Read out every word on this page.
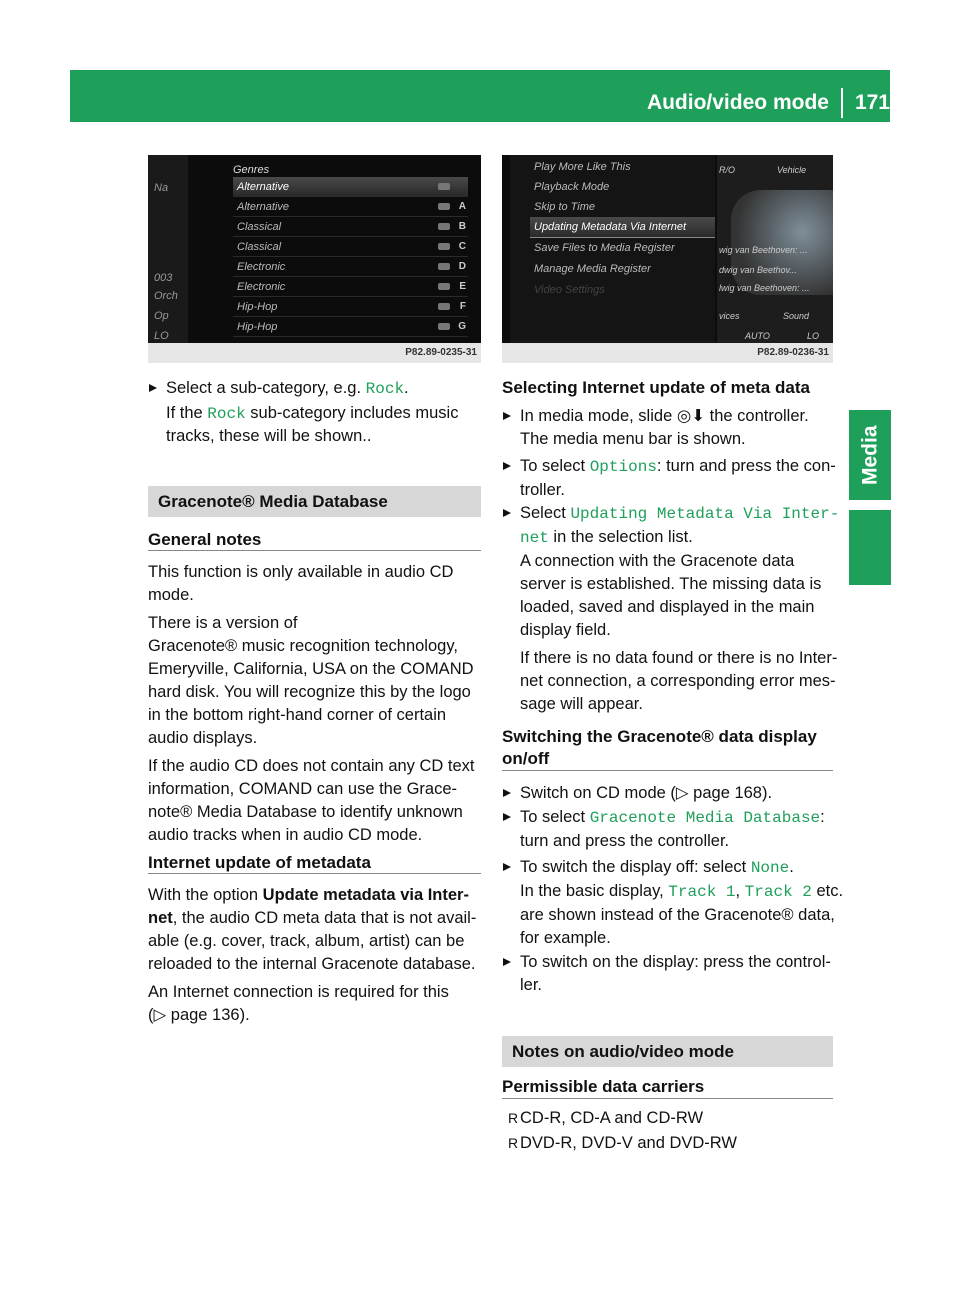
Audio/video mode 171
Media
Na
003
Orch
Op
LO
Genres
Alternative
Alternative	A
Classical	B
Classical	C
Electronic	D
Electronic	E
Hip-Hop	F
Hip-Hop	G
P82.89-0235-31
Play More Like This
Playback Mode
Skip to Time
Updating Metadata Via Internet
Save Files to Media Register
Manage Media Register
Video Settings
R/O	Vehicle
wig van Beethoven: ...
dwig van Beethov...
lwig van Beethoven: ...
vices	Sound
AUTO	LO
P82.89-0236-31
Select a sub-category, e.g. Rock.
If the Rock sub-category includes music
tracks, these will be shown..
Gracenote® Media Database
General notes
This function is only available in audio CD
mode.
There is a version of
Gracenote® music recognition technology,
Emeryville, California, USA on the COMAND
hard disk. You will recognize this by the logo
in the bottom right-hand corner of certain
audio displays.
If the audio CD does not contain any CD text
information, COMAND can use the Grace-
note® Media Database to identify unknown
audio tracks when in audio CD mode.
Internet update of metadata
With the option Update metadata via Inter-
net, the audio CD meta data that is not avail-
able (e.g. cover, track, album, artist) can be
reloaded to the internal Gracenote database.
An Internet connection is required for this
(▷ page 136).
Selecting Internet update of meta data
In media mode, slide ◎⬇ the controller.
The media menu bar is shown.
To select Options: turn and press the con-
troller.
Select Updating Metadata Via Inter-
net in the selection list.
A connection with the Gracenote data
server is established. The missing data is
loaded, saved and displayed in the main
display field.
If there is no data found or there is no Inter-
net connection, a corresponding error mes-
sage will appear.
Switching the Gracenote® data display
on/off
Switch on CD mode (▷ page 168).
To select Gracenote Media Database:
turn and press the controller.
To switch the display off: select None.
In the basic display, Track 1, Track 2 etc.
are shown instead of the Gracenote® data,
for example.
To switch on the display: press the control-
ler.
Notes on audio/video mode
Permissible data carriers
R CD-R, CD-A and CD-RW
R DVD-R, DVD-V and DVD-RW
